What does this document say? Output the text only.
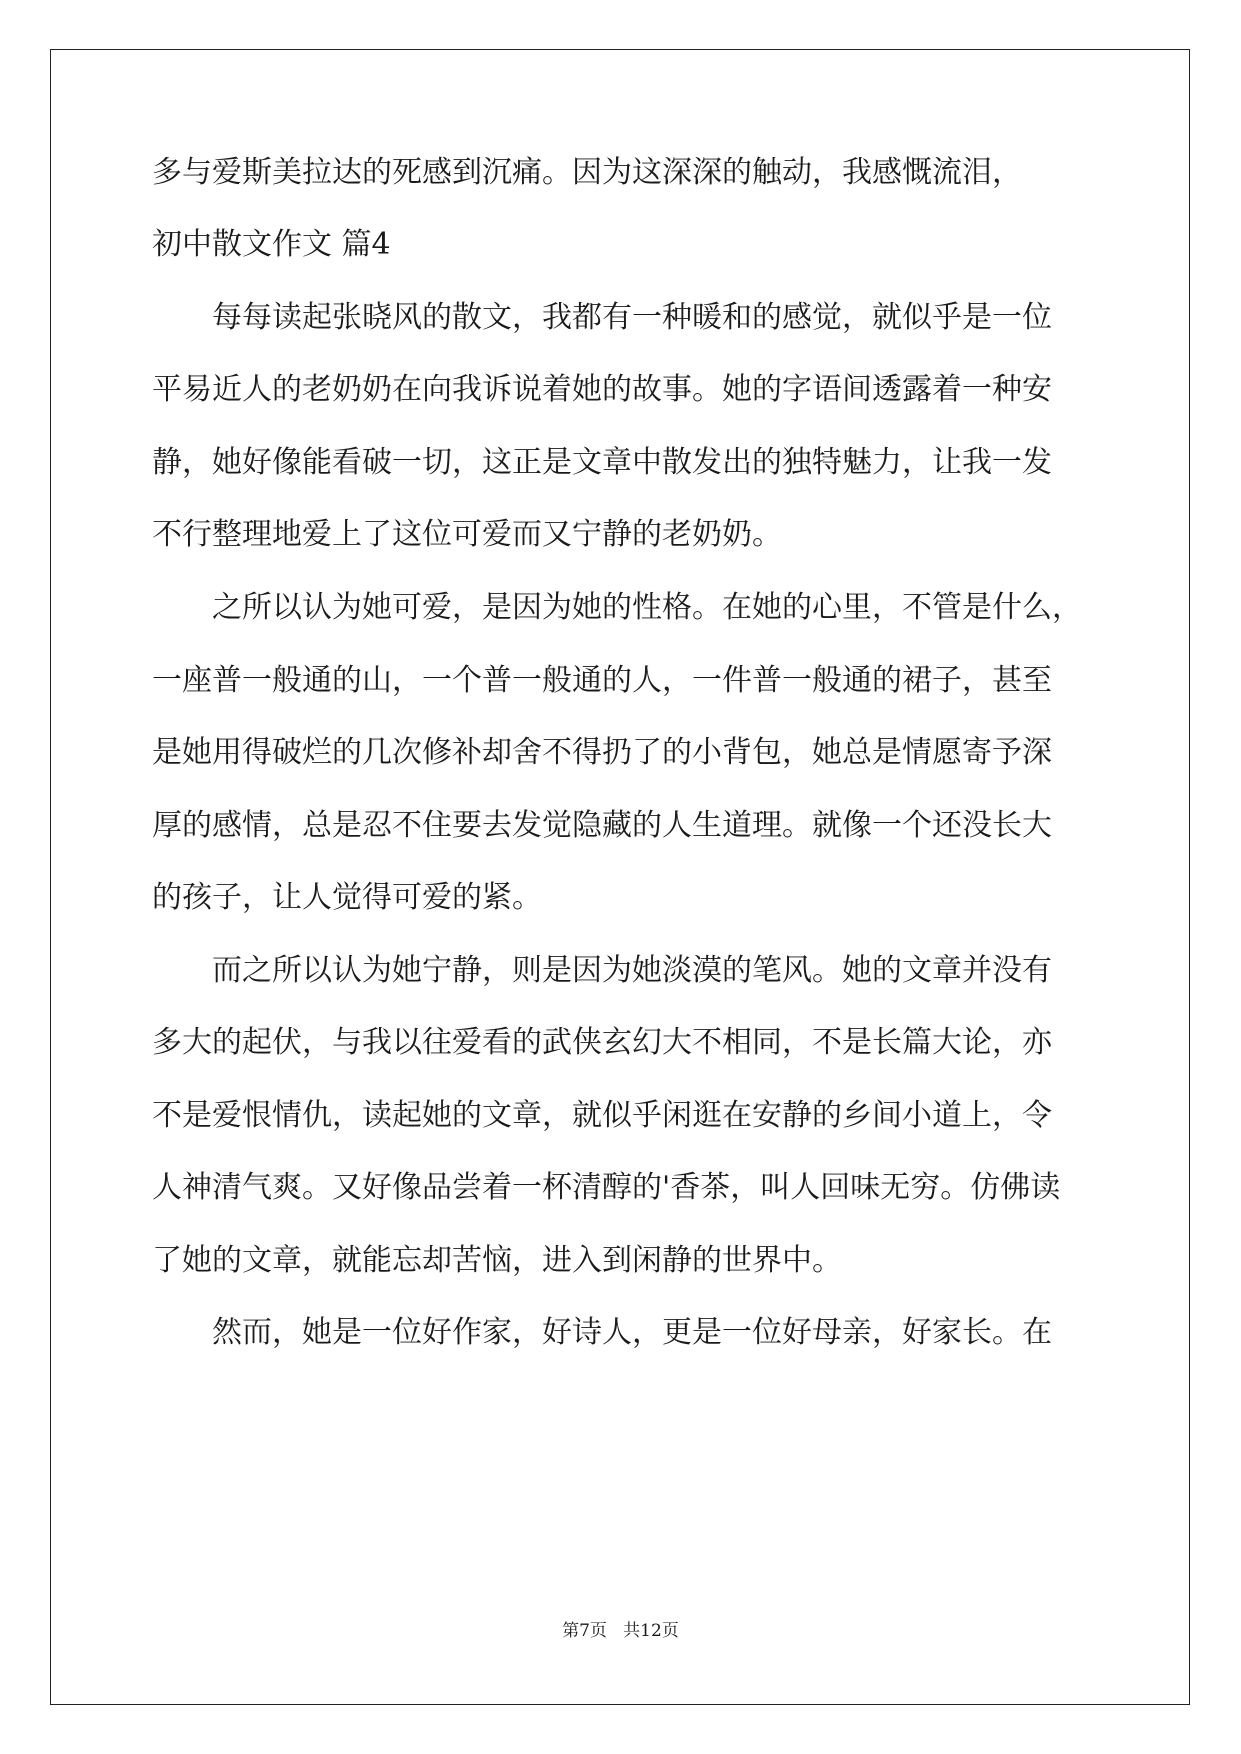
多与爱斯美拉达的死感到沉痛。因为这深深的触动，我感慨流泪，

初中散文作文 篇4

每每读起张晓风的散文，我都有一种暖和的感觉，就似乎是一位

平易近人的老奶奶在向我诉说着她的故事。她的字语间透露着一种安

静，她好像能看破一切，这正是文章中散发出的独特魅力，让我一发

不行整理地爱上了这位可爱而又宁静的老奶奶。

之所以认为她可爱，是因为她的性格。在她的心里，不管是什么，

一座普一般通的山，一个普一般通的人，一件普一般通的裙子，甚至

是她用得破烂的几次修补却舍不得扔了的小背包，她总是情愿寄予深

厚的感情，总是忍不住要去发觉隐藏的人生道理。就像一个还没长大

的孩子，让人觉得可爱的紧。

而之所以认为她宁静，则是因为她淡漠的笔风。她的文章并没有

多大的起伏，与我以往爱看的武侠玄幻大不相同，不是长篇大论，亦

不是爱恨情仇，读起她的文章，就似乎闲逛在安静的乡间小道上，令

人神清气爽。又好像品尝着一杯清醇的'香茶，叫人回味无穷。仿佛读

了她的文章，就能忘却苦恼，进入到闲静的世界中。

然而，她是一位好作家，好诗人，更是一位好母亲，好家长。在

第7页   共12页
